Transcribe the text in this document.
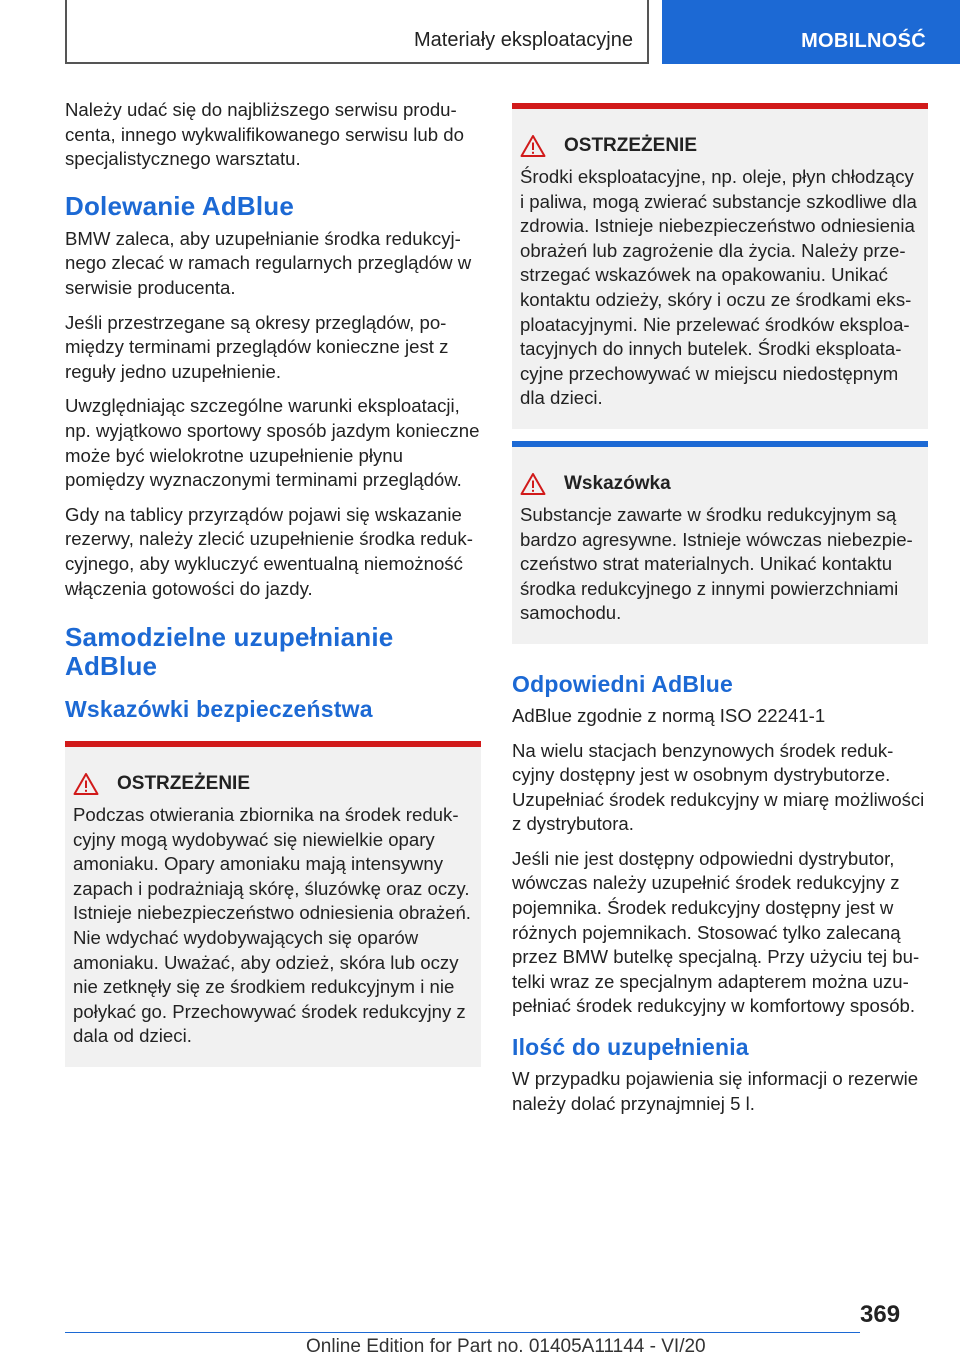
Materiały eksploatacyjne	MOBILNOŚĆ

Należy udać się do najbliższego serwisu producenta, innego wykwalifikowanego serwisu lub do specjalistycznego warsztatu.

Dolewanie AdBlue

BMW zaleca, aby uzupełnianie środka redukcyjnego zlecać w ramach regularnych przeglądów w serwisie producenta.

Jeśli przestrzegane są okresy przeglądów, pomiędzy terminami przeglądów konieczne jest z reguły jedno uzupełnienie.

Uwzględniając szczególne warunki eksploatacji, np. wyjątkowo sportowy sposób jazdym konieczne może być wielokrotne uzupełnienie płynu pomiędzy wyznaczonymi terminami przeglądów.

Gdy na tablicy przyrządów pojawi się wskazanie rezerwy, należy zlecić uzupełnienie środka redukcyjnego, aby wykluczyć ewentualną niemożność włączenia gotowości do jazdy.

Samodzielne uzupełnianie AdBlue
Wskazówki bezpieczeństwa
OSTRZEŻENIE

Podczas otwierania zbiornika na środek redukcyjny mogą wydobywać się niewielkie opary amoniaku. Opary amoniaku mają intensywny zapach i podrażniają skórę, śluzówkę oraz oczy. Istnieje niebezpieczeństwo odniesienia obrażeń. Nie wdychać wydobywających się oparów amoniaku. Uważać, aby odzież, skóra lub oczy nie zetknęły się ze środkiem redukcyjnym i nie połykać go. Przechowywać środek redukcyjny z dala od dzieci.

OSTRZEŻENIE

Środki eksploatacyjne, np. oleje, płyn chłodzący i paliwa, mogą zwierać substancje szkodliwe dla zdrowia. Istnieje niebezpieczeństwo odniesienia obrażeń lub zagrożenie dla życia. Należy przestrzegać wskazówek na opakowaniu. Unikać kontaktu odzieży, skóry i oczu ze środkami eksploatacyjnymi. Nie przelewać środków eksploatacyjnych do innych butelek. Środki eksploatacyjne przechowywać w miejscu niedostępnym dla dzieci.

Wskazówka

Substancje zawarte w środku redukcyjnym są bardzo agresywne. Istnieje wówczas niebezpieczeństwo strat materialnych. Unikać kontaktu środka redukcyjnego z innymi powierzchniami samochodu.

Odpowiedni AdBlue

AdBlue zgodnie z normą ISO 22241-1

Na wielu stacjach benzynowych środek redukcyjny dostępny jest w osobnym dystrybutorze. Uzupełniać środek redukcyjny w miarę możliwości z dystrybutora.

Jeśli nie jest dostępny odpowiedni dystrybutor, wówczas należy uzupełnić środek redukcyjny z pojemnika. Środek redukcyjny dostępny jest w różnych pojemnikach. Stosować tylko zalecaną przez BMW butelkę specjalną. Przy użyciu tej butelki wraz ze specjalnym adapterem można uzupełniać środek redukcyjny w komfortowy sposób.

Ilość do uzupełnienia

W przypadku pojawienia się informacji o rezerwie należy dolać przynajmniej 5 l.

369
Online Edition for Part no. 01405A11144 - VI/20
